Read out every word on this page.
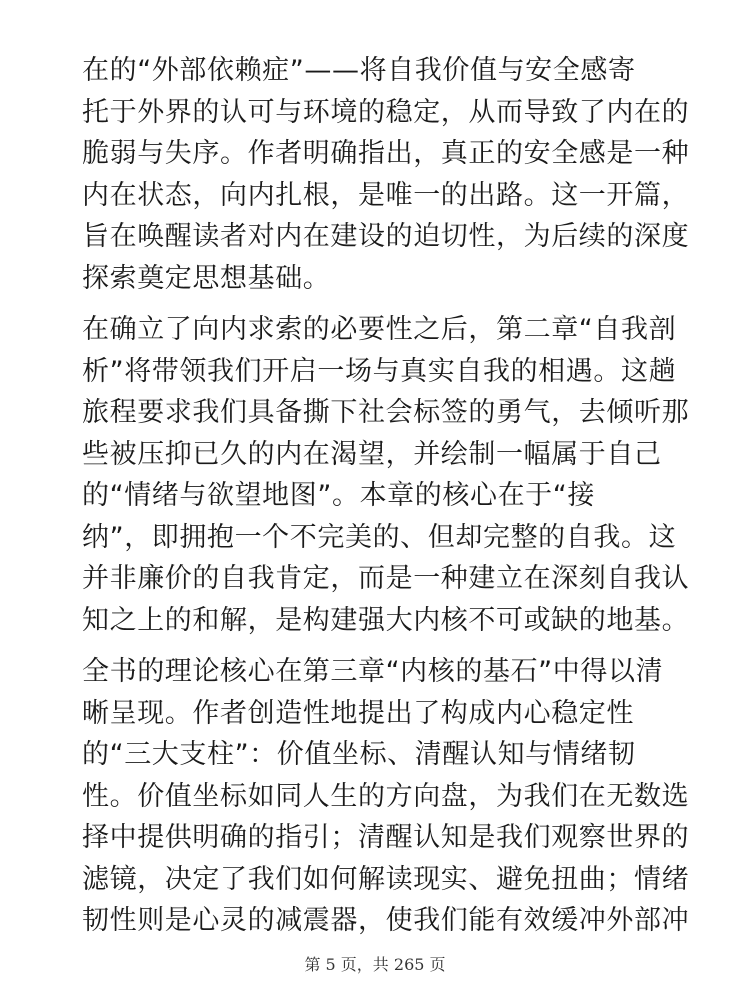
在的“外部依赖症”——将自我价值与安全感寄
托于外界的认可与环境的稳定，从而导致了内在的
脆弱与失序。作者明确指出，真正的安全感是一种
内在状态，向内扎根，是唯一的出路。这一开篇，
旨在唤醒读者对内在建设的迫切性，为后续的深度
探索奠定思想基础。

在确立了向内求索的必要性之后，第二章“自我剖
析”将带领我们开启一场与真实自我的相遇。这趟
旅程要求我们具备撕下社会标签的勇气，去倾听那
些被压抑已久的内在渴望，并绘制一幅属于自己
的“情绪与欲望地图”。本章的核心在于“接
纳”，即拥抱一个不完美的、但却完整的自我。这
并非廉价的自我肯定，而是一种建立在深刻自我认
知之上的和解，是构建强大内核不可或缺的地基。

全书的理论核心在第三章“内核的基石”中得以清
晰呈现。作者创造性地提出了构成内心稳定性
的“三大支柱”：价值坐标、清醒认知与情绪韧
性。价值坐标如同人生的方向盘，为我们在无数选
择中提供明确的指引；清醒认知是我们观察世界的
滤镜，决定了我们如何解读现实、避免扭曲；情绪
韧性则是心灵的减震器，使我们能有效缓冲外部冲

第 5 页，共 265 页
